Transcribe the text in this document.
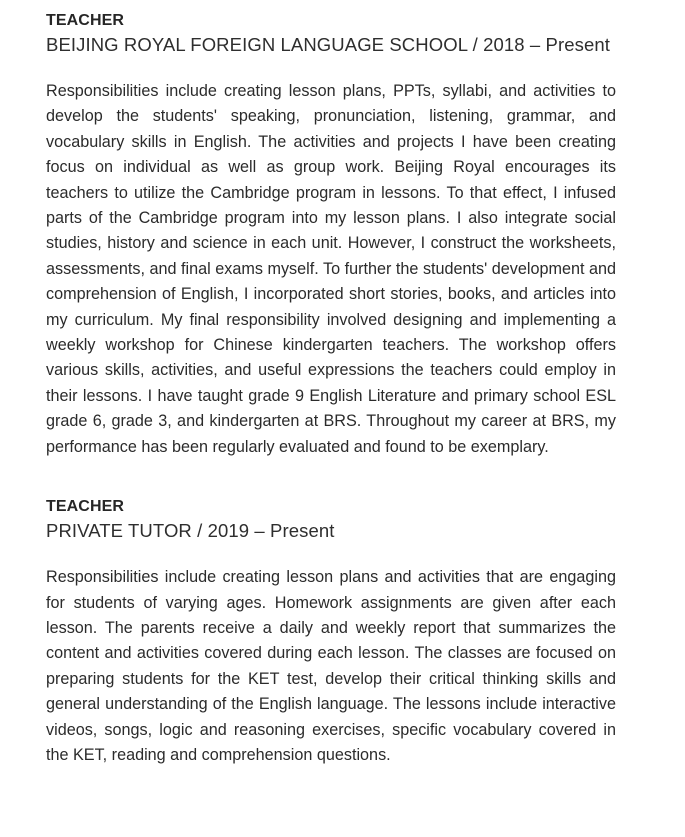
TEACHER

BEIJING ROYAL FOREIGN LANGUAGE SCHOOL / 2018 – Present

Responsibilities include creating lesson plans, PPTs, syllabi, and activities to develop the students' speaking, pronunciation, listening, grammar, and vocabulary skills in English. The activities and projects I have been creating focus on individual as well as group work. Beijing Royal encourages its teachers to utilize the Cambridge program in lessons. To that effect, I infused parts of the Cambridge program into my lesson plans. I also integrate social studies, history and science in each unit. However, I construct the worksheets, assessments, and final exams myself. To further the students' development and comprehension of English, I incorporated short stories, books, and articles into my curriculum. My final responsibility involved designing and implementing a weekly workshop for Chinese kindergarten teachers. The workshop offers various skills, activities, and useful expressions the teachers could employ in their lessons. I have taught grade 9 English Literature and primary school ESL grade 6, grade 3, and kindergarten at BRS. Throughout my career at BRS, my performance has been regularly evaluated and found to be exemplary.

TEACHER

PRIVATE TUTOR / 2019 – Present

Responsibilities include creating lesson plans and activities that are engaging for students of varying ages. Homework assignments are given after each lesson. The parents receive a daily and weekly report that summarizes the content and activities covered during each lesson. The classes are focused on preparing students for the KET test, develop their critical thinking skills and general understanding of the English language. The lessons include interactive videos, songs, logic and reasoning exercises, specific vocabulary covered in the KET, reading and comprehension questions.
